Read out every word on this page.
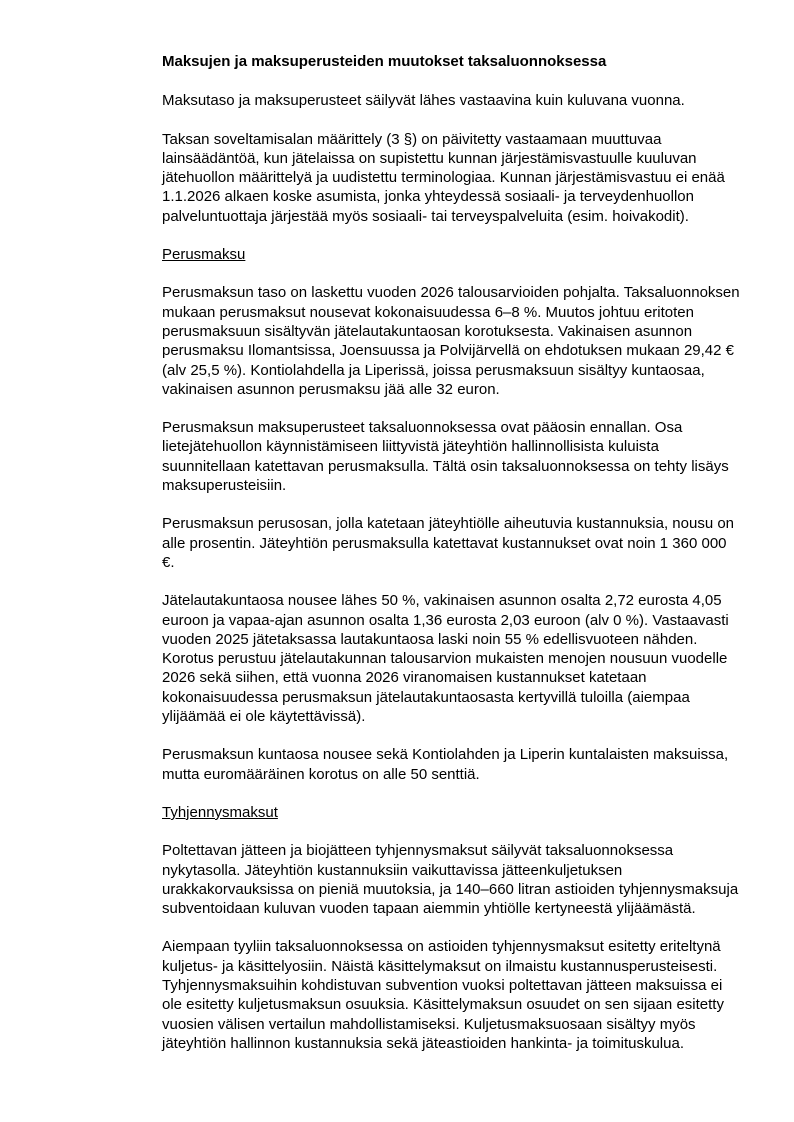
Maksujen ja maksuperusteiden muutokset taksaluonnoksessa

Maksutaso ja maksuperusteet säilyvät lähes vastaavina kuin kuluvana vuonna.

Taksan soveltamisalan määrittely (3 §) on päivitetty vastaamaan muuttuvaa lainsäädäntöä, kun jätelaissa on supistettu kunnan järjestämisvastuulle kuuluvan jätehuollon määrittelyä ja uudistettu terminologiaa. Kunnan järjestämisvastuu ei enää 1.1.2026 alkaen koske asumista, jonka yhteydessä sosiaali- ja terveydenhuollon palveluntuottaja järjestää myös sosiaali- tai terveyspalveluita (esim. hoivakodit).

Perusmaksu

Perusmaksun taso on laskettu vuoden 2026 talousarvioiden pohjalta. Taksaluonnoksen mukaan perusmaksut nousevat kokonaisuudessa 6–8 %. Muutos johtuu eritoten perusmaksuun sisältyvän jätelautakuntaosan korotuksesta. Vakinaisen asunnon perusmaksu Ilomantsissa, Joensuussa ja Polvijärvellä on ehdotuksen mukaan 29,42 € (alv 25,5 %). Kontiolahdella ja Liperissä, joissa perusmaksuun sisältyy kuntaosaa, vakinaisen asunnon perusmaksu jää alle 32 euron.

Perusmaksun maksuperusteet taksaluonnoksessa ovat pääosin ennallan. Osa lietejätehuollon käynnistämiseen liittyvistä jäteyhtiön hallinnollisista kuluista suunnitellaan katettavan perusmaksulla. Tältä osin taksaluonnoksessa on tehty lisäys maksuperusteisiin.

Perusmaksun perusosan, jolla katetaan jäteyhtiölle aiheutuvia kustannuksia, nousu on alle prosentin. Jäteyhtiön perusmaksulla katettavat kustannukset ovat noin 1 360 000 €.

Jätelautakuntaosa nousee lähes 50 %, vakinaisen asunnon osalta 2,72 eurosta 4,05 euroon ja vapaa-ajan asunnon osalta 1,36 eurosta 2,03 euroon (alv 0 %). Vastaavasti vuoden 2025 jätetaksassa lautakuntaosa laski noin 55 % edellisvuoteen nähden. Korotus perustuu jätelautakunnan talousarvion mukaisten menojen nousuun vuodelle 2026 sekä siihen, että vuonna 2026 viranomaisen kustannukset katetaan kokonaisuudessa perusmaksun jätelautakuntaosasta kertyvillä tuloilla (aiempaa ylijäämää ei ole käytettävissä).

Perusmaksun kuntaosa nousee sekä Kontiolahden ja Liperin kuntalaisten maksuissa, mutta euromääräinen korotus on alle 50 senttiä.

Tyhjennysmaksut

Poltettavan jätteen ja biojätteen tyhjennysmaksut säilyvät taksaluonnoksessa nykytasolla. Jäteyhtiön kustannuksiin vaikuttavissa jätteenkuljetuksen urakkakorvauksissa on pieniä muutoksia, ja 140–660 litran astioiden tyhjennysmaksuja subventoidaan kuluvan vuoden tapaan aiemmin yhtiölle kertyneestä ylijäämästä.

Aiempaan tyyliin taksaluonnoksessa on astioiden tyhjennysmaksut esitetty eriteltynä kuljetus- ja käsittelyosiin. Näistä käsittelymaksut on ilmaistu kustannusperusteisesti. Tyhjennysmaksuihin kohdistuvan subvention vuoksi poltettavan jätteen maksuissa ei ole esitetty kuljetusmaksun osuuksia. Käsittelymaksun osuudet on sen sijaan esitetty vuosien välisen vertailun mahdollistamiseksi. Kuljetusmaksuosaan sisältyy myös jäteyhtiön hallinnon kustannuksia sekä jäteastioiden hankinta- ja toimituskulua.
